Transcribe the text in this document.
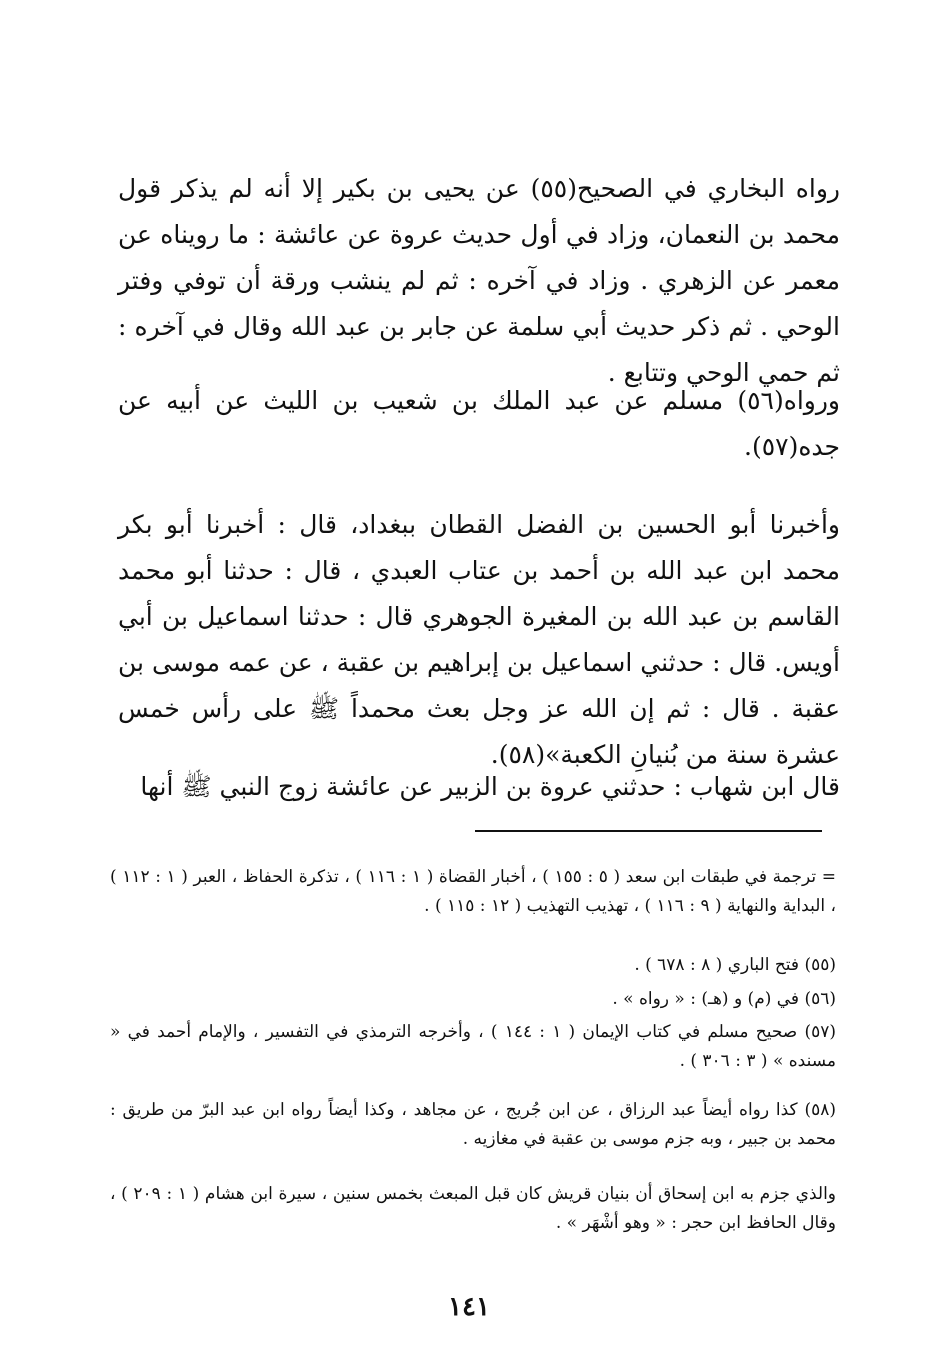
رواه البخاري في الصحيح(٥٥) عن يحيى بن بكير إلا أنه لم يذكر قول محمد بن النعمان، وزاد في أول حديث عروة عن عائشة : ما رويناه عن معمر عن الزهري . وزاد في آخره : ثم لم ينشب ورقة أن توفي وفتر الوحي . ثم ذكر حديث أبي سلمة عن جابر بن عبد الله وقال في آخره : ثم حمي الوحي وتتابع .

ورواه(٥٦) مسلم عن عبد الملك بن شعيب بن الليث عن أبيه عن جده(٥٧).

وأخبرنا أبو الحسين بن الفضل القطان ببغداد، قال : أخبرنا أبو بكر محمد ابن عبد الله بن أحمد بن عتاب العبدي ، قال : حدثنا أبو محمد القاسم بن عبد الله بن المغيرة الجوهري قال : حدثنا اسماعيل بن أبي أويس. قال : حدثني اسماعيل بن إبراهيم بن عقبة ، عن عمه موسى بن عقبة . قال : ثم إن الله عز وجل بعث محمداً ﷺ على رأس خمس عشرة سنة من بُنيانِ الكعبة»(٥٨).

قال ابن شهاب : حدثني عروة بن الزبير عن عائشة زوج النبي ﷺ أنها

= ترجمة في طبقات ابن سعد ( ٥ : ١٥٥ ) ، أخبار القضاة ( ١ : ١١٦ ) ، تذكرة الحفاظ ، العبر ( ١ : ١١٢ ) ، البداية والنهاية ( ٩ : ١١٦ ) ، تهذيب التهذيب ( ١٢ : ١١٥ ) .

(٥٥) فتح الباري ( ٨ : ٦٧٨ ) .

(٥٦) في (م) و (هـ) : « رواه » .

(٥٧) صحيح مسلم في كتاب الإيمان ( ١ : ١٤٤ ) ، وأخرجه الترمذي في التفسير ، والإمام أحمد في « مسنده » ( ٣ : ٣٠٦ ) .

(٥٨) كذا رواه أيضاً عبد الرزاق ، عن ابن جُريج ، عن مجاهد ، وكذا أيضاً رواه ابن عبد البرّ من طريق : محمد بن جبير ، وبه جزم موسى بن عقبة في مغازيه .

والذي جزم به ابن إسحاق أن بنيان قريش كان قبل المبعث بخمس سنين ، سيرة ابن هشام ( ١ : ٢٠٩ ) ، وقال الحافظ ابن حجر : « وهو أشْهَر » .

١٤١
